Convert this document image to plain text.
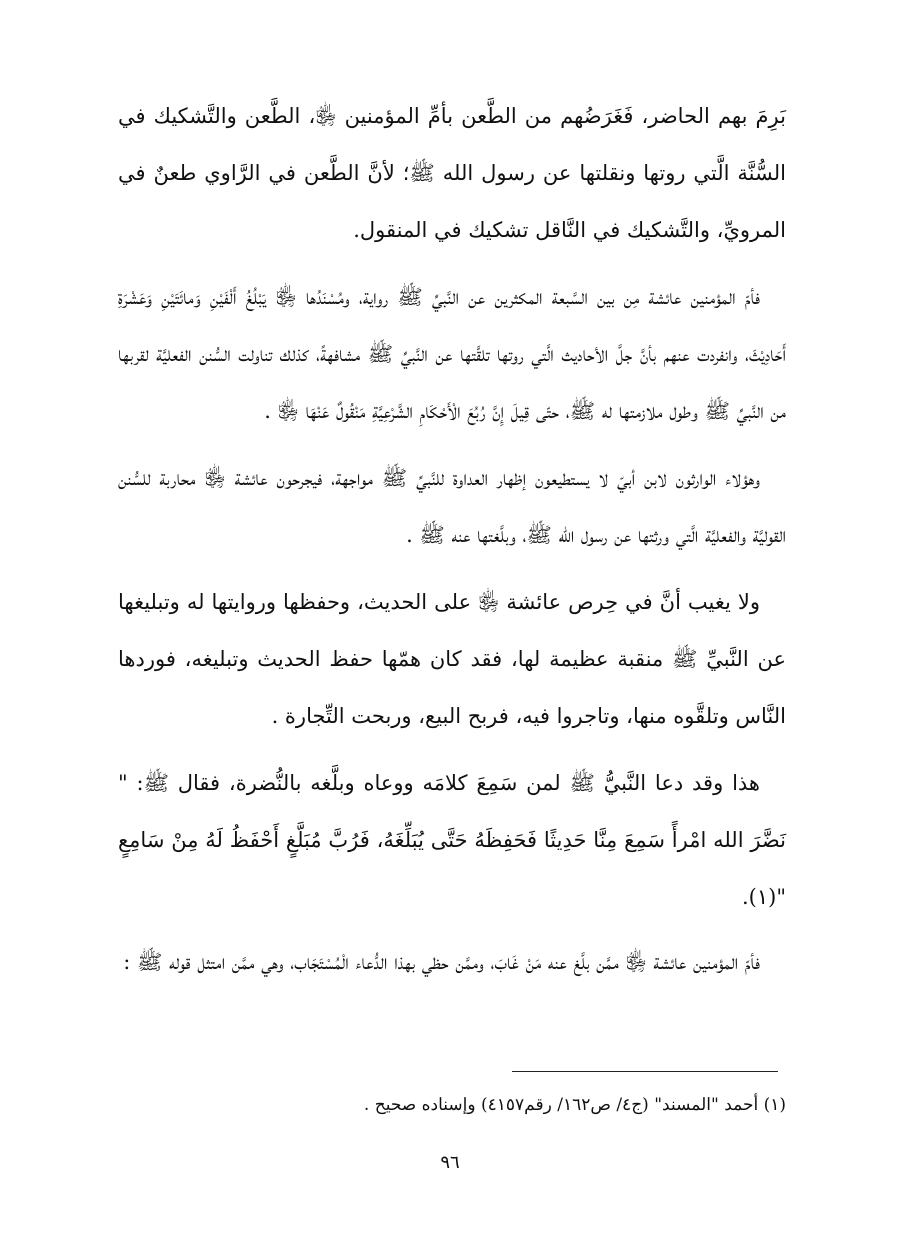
بَرِمَ بهم الحاضر، فَغَرَضُهم من الطَّعن بأمِّ المؤمنين ﵂، الطَّعن والتَّشكيك في السُّنَّة الَّتي روتها ونقلتها عن رسول الله ﷺ؛ لأنَّ الطَّعن في الرَّاوي طعنٌ في المرويِّ، والتَّشكيك في النَّاقل تشكيك في المنقول.

فأمّ المؤمنين عائشة مِن بين السَّبعة المكثرين عن النَّبيِّ ﷺ رواية، ومُسْنَدُها ﵂ يَبْلُغُ أَلْفَيْنِ وَمائَتَيْنِ وَعَشْرَةِ أَحَادِيْثَ، وانفردت عنهم بأنَّ جلَّ الأحاديث الَّتي روتها تلقَّتها عن النَّبيِّ ﷺ مشافهةً، كذلك تناولت السُّنن الفعليَّة لقربها من النَّبيِّ ﷺ وطول ملازمتها له ﷺ، حتّى قِيلَ إِنَّ رُبُعَ الْأَحْكَامِ الشَّرْعِيَّةِ مَنْقُولٌ عَنْهَا ﵂ .

وهؤلاء الوارثون لابن أبيّ لا يستطيعون إظهار العداوة للنَّبيِّ ﷺ مواجهة، فيجرحون عائشة ﵂ محاربة للسُّنن القوليَّة والفعليَّة الَّتي ورثتها عن رسول الله ﷺ، وبلَّغتها عنه ﷺ .

ولا يغيب أنَّ في حِرص عائشة ﵂ على الحديث، وحفظها وروايتها له وتبليغها عن النَّبيِّ ﷺ منقبة عظيمة لها، فقد كان همّها حفظ الحديث وتبليغه، فوردها النَّاس وتلقَّوه منها، وتاجروا فيه، فربح البيع، وربحت التِّجارة .

هذا وقد دعا النَّبيُّ ﷺ لمن سَمِعَ كلامَه ووعاه وبلَّغه بالنُّضرة، فقال ﷺ: " نَضَّرَ الله امْرأً سَمِعَ مِنَّا حَدِيثًا فَحَفِظَهُ حَتَّى يُبَلِّغَهُ، فَرُبَّ مُبَلَّغٍ أَحْفَظُ لَهُ مِنْ سَامِعٍ "(١).

فأمّ المؤمنين عائشة ﵂ ممَّن بلَّغ عنه مَنْ غَابَ، وممَّن حظي بهذا الدُّعاء الْمُسْتَجَاب، وهي ممَّن امتثل قوله ﷺ :

(١) أحمد "المسند" (ج٤/ ص١٦٢/ رقم٤١٥٧) وإسناده صحيح .
٩٦
